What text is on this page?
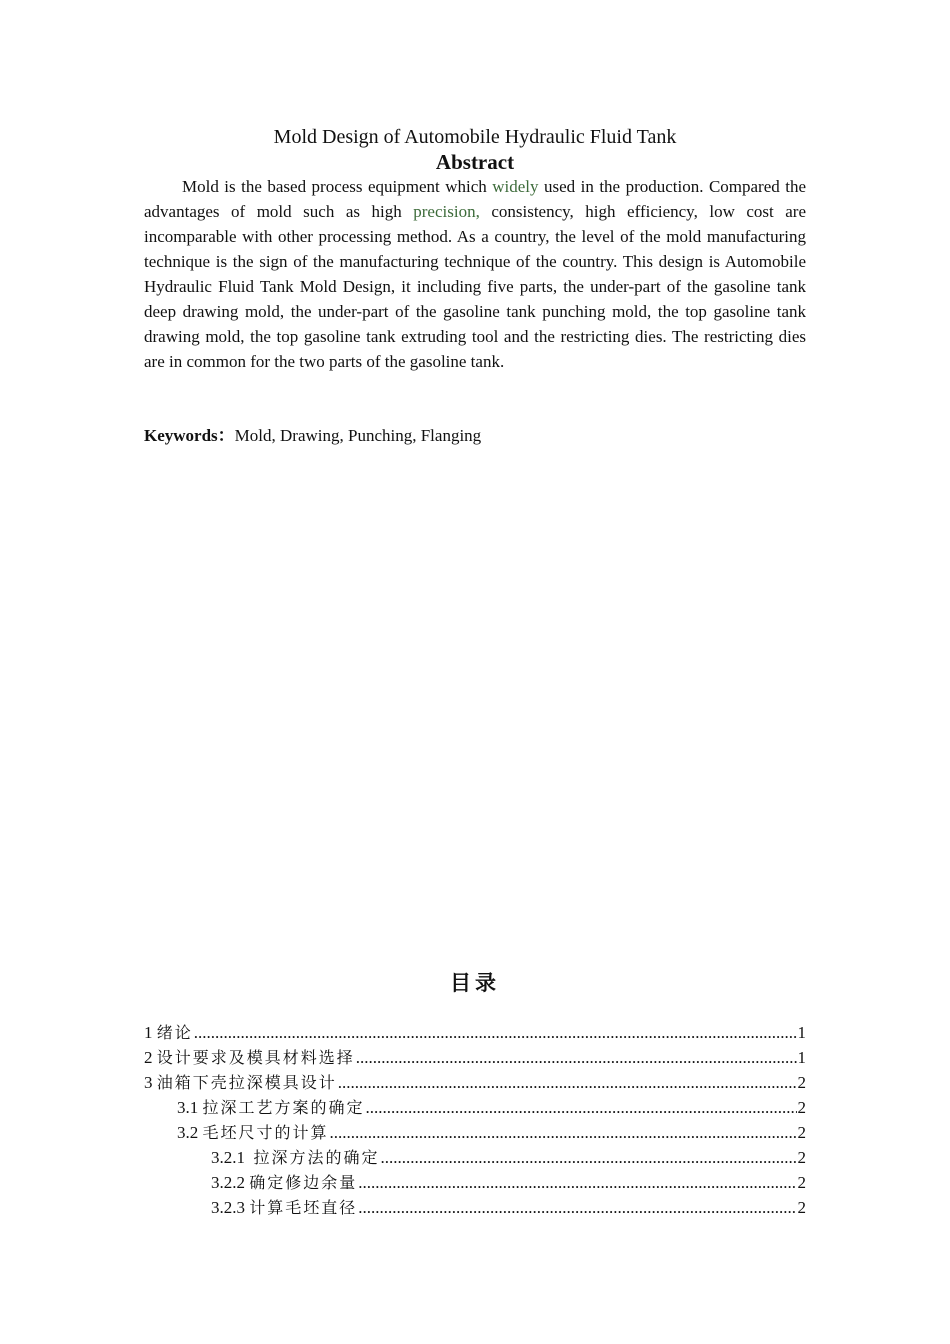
Mold Design of Automobile Hydraulic Fluid Tank
Abstract

Mold is the based process equipment which widely used in the production. Compared the advantages of mold such as high precision, consistency, high efficiency, low cost are incomparable with other processing method. As a country, the level of the mold manufacturing technique is the sign of the manufacturing technique of the country. This design is Automobile Hydraulic Fluid Tank Mold Design, it including five parts, the under-part of the gasoline tank deep drawing mold, the under-part of the gasoline tank punching mold, the top gasoline tank drawing mold, the top gasoline tank extruding tool and the restricting dies. The restricting dies are in common for the two parts of the gasoline tank.

Keywords：Mold, Drawing, Punching, Flanging
目录
1 绪论 .....	1
2 设计要求及模具材料选择 .....	1
3 油箱下壳拉深模具设计 .....	2
3.1 拉深工艺方案的确定 .....	2
3.2 毛坯尺寸的计算 .....	2
3.2.1  拉深方法的确定 .....	2
3.2.2 确定修边余量 .....	2
3.2.3 计算毛坯直径 .....	2
